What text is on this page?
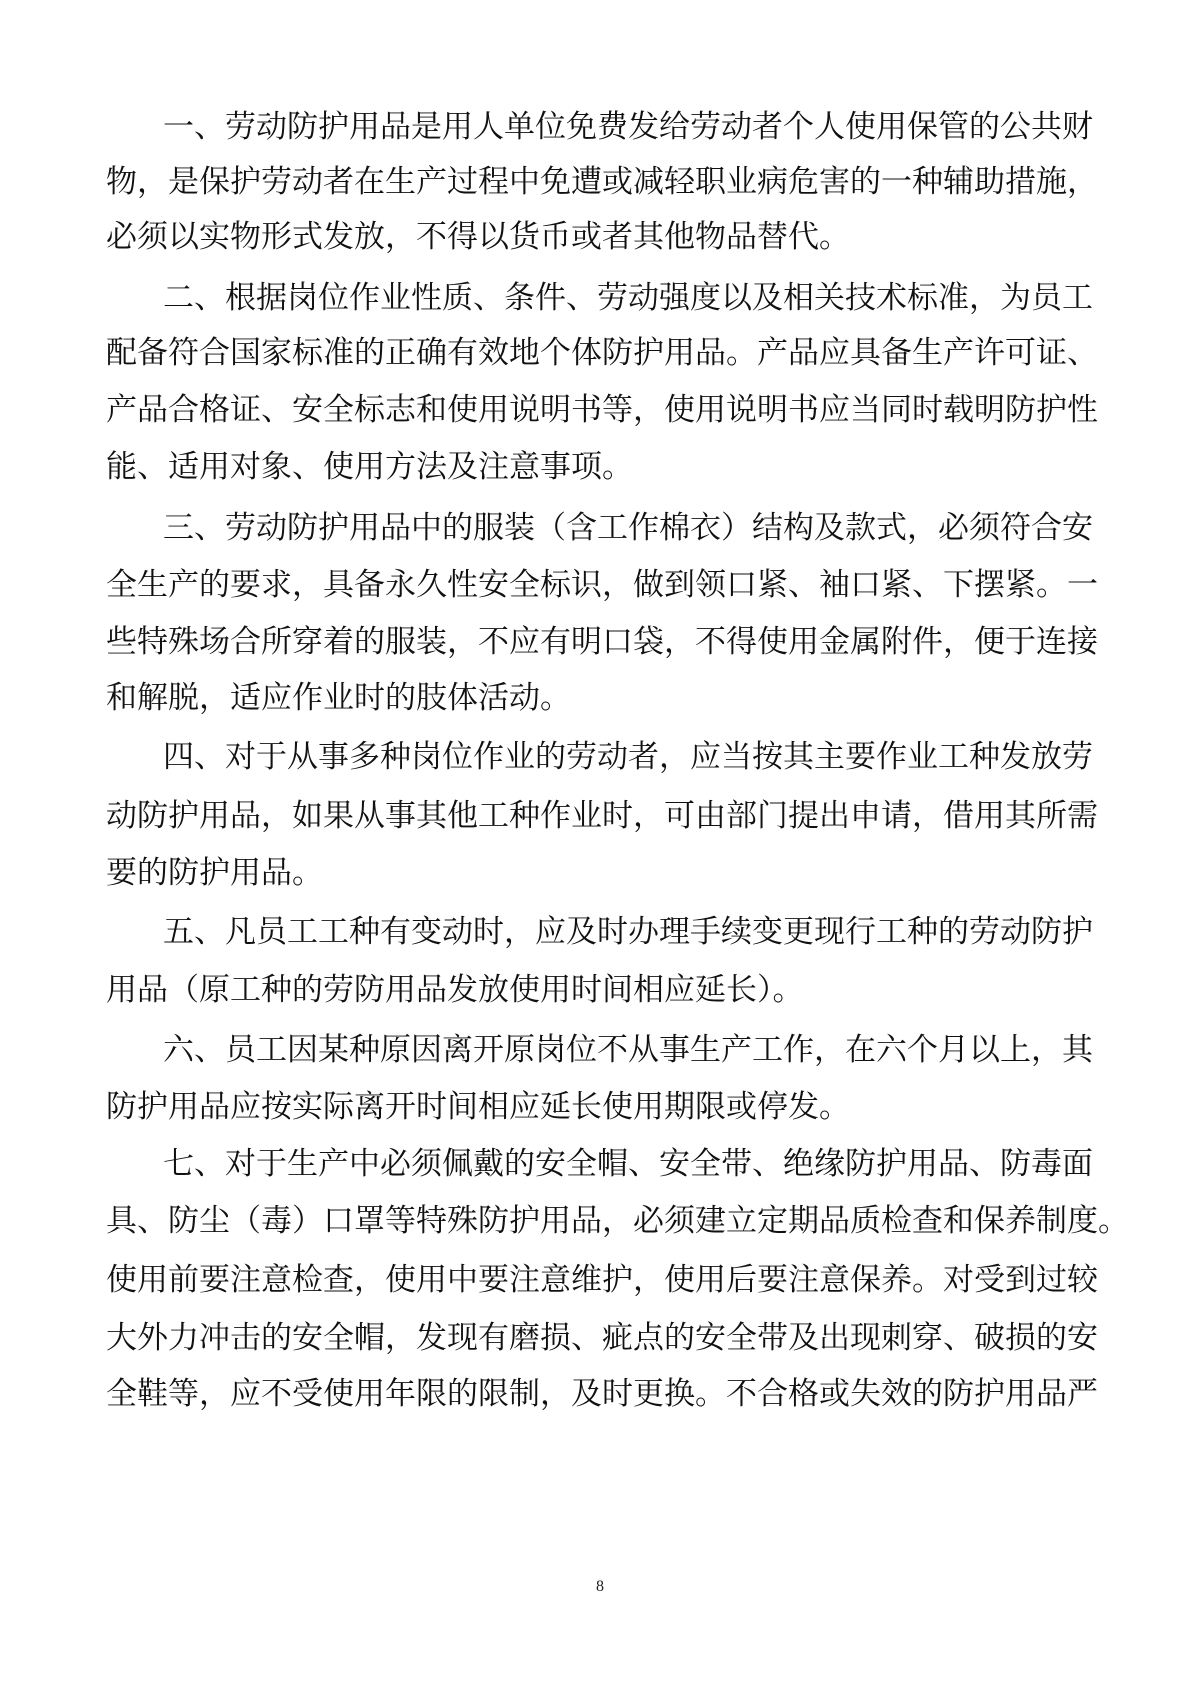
一、劳动防护用品是用人单位免费发给劳动者个人使用保管的公共财
物，是保护劳动者在生产过程中免遭或减轻职业病危害的一种辅助措施，
必须以实物形式发放，不得以货币或者其他物品替代。
二、根据岗位作业性质、条件、劳动强度以及相关技术标准，为员工
配备符合国家标准的正确有效地个体防护用品。产品应具备生产许可证、
产品合格证、安全标志和使用说明书等，使用说明书应当同时载明防护性
能、适用对象、使用方法及注意事项。
三、劳动防护用品中的服装（含工作棉衣）结构及款式，必须符合安
全生产的要求，具备永久性安全标识，做到领口紧、袖口紧、下摆紧。一
些特殊场合所穿着的服装，不应有明口袋，不得使用金属附件，便于连接
和解脱，适应作业时的肢体活动。
四、对于从事多种岗位作业的劳动者，应当按其主要作业工种发放劳
动防护用品，如果从事其他工种作业时，可由部门提出申请，借用其所需
要的防护用品。
五、凡员工工种有变动时，应及时办理手续变更现行工种的劳动防护
用品（原工种的劳防用品发放使用时间相应延长）。
六、员工因某种原因离开原岗位不从事生产工作，在六个月以上，其
防护用品应按实际离开时间相应延长使用期限或停发。
七、对于生产中必须佩戴的安全帽、安全带、绝缘防护用品、防毒面
具、防尘（毒）口罩等特殊防护用品，必须建立定期品质检查和保养制度。
使用前要注意检查，使用中要注意维护，使用后要注意保养。对受到过较
大外力冲击的安全帽，发现有磨损、疵点的安全带及出现刺穿、破损的安
全鞋等，应不受使用年限的限制，及时更换。不合格或失效的防护用品严
8
